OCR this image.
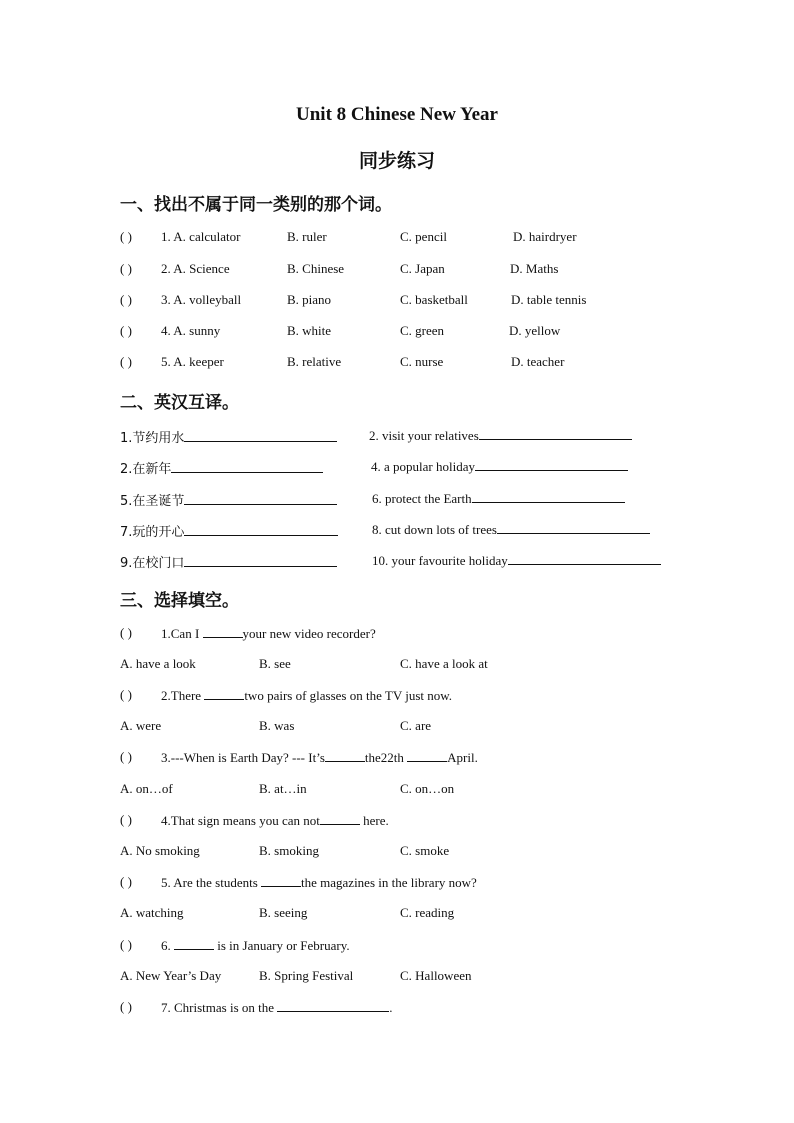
Unit 8 Chinese New Year
同步练习
一、找出不属于同一类别的那个词。
( ) 1. A. calculator	B. ruler	C. pencil	D. hairdryer
( ) 2. A. Science	B. Chinese	C. Japan	D. Maths
( ) 3. A. volleyball	B. piano	C. basketball	D. table tennis
( ) 4. A. sunny	B. white	C. green	D. yellow
( ) 5. A. keeper	B. relative	C. nurse	D. teacher
二、英汉互译。
1.节约用水	2. visit your relatives
2.在新年	4. a popular holiday
5.在圣诞节	6. protect the Earth
7.玩的开心	8. cut down lots of trees
9.在校门口	10. your favourite holiday
三、选择填空。
( ) 1.Can I	your new video recorder?
A. have a look	B. see	C. have a look at
( ) 2.There	two pairs of glasses on the TV just now.
A. were	B. was	C. are
( ) 3.---When is Earth Day? --- It’s	the22th	April.
A. on…of	B. at…in	C. on…on
( ) 4.That sign means you can not	here.
A. No smoking	B. smoking	C. smoke
( ) 5. Are the students	the magazines in the library now?
A. watching	B. seeing	C. reading
( ) 6.	is in January or February.
A. New Year’s Day	B. Spring Festival	C. Halloween
( ) 7. Christmas is on the	.
